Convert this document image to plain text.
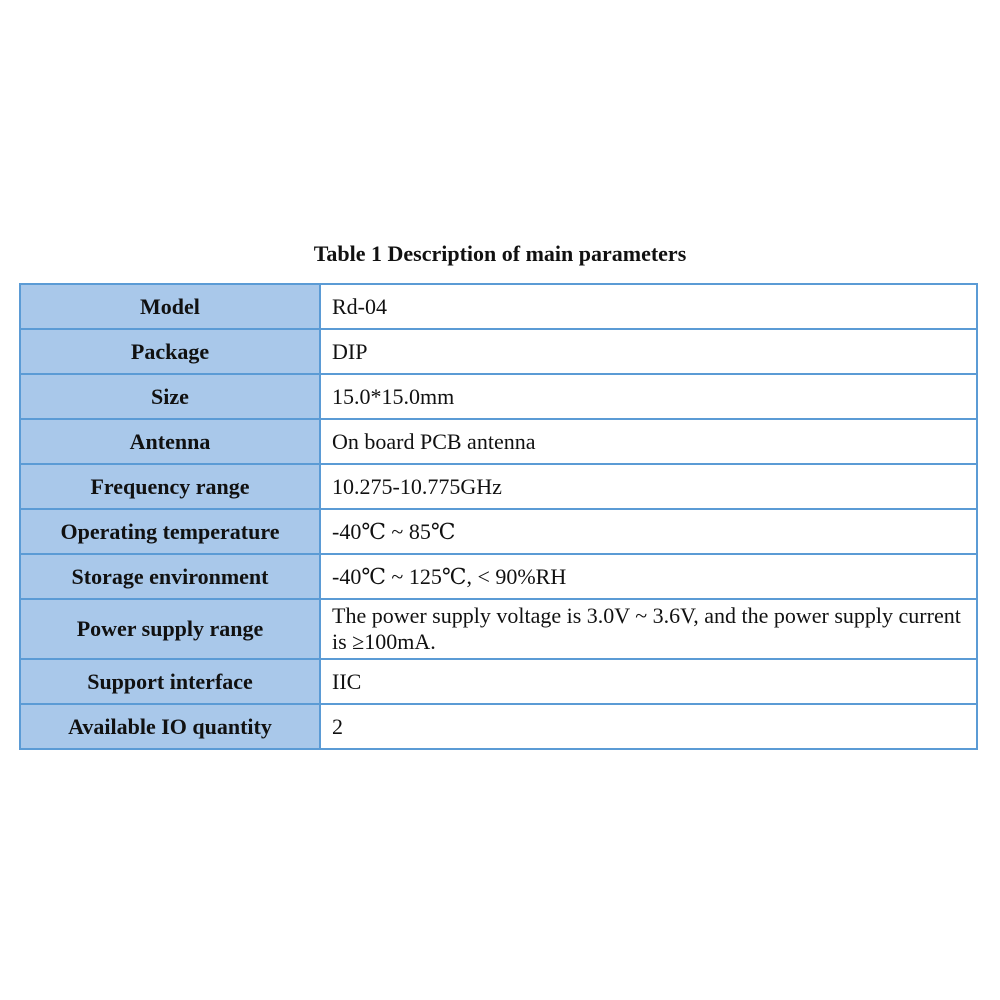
Table 1 Description of main parameters
Model	Rd-04
Package	DIP
Size	15.0*15.0mm
Antenna	On board PCB antenna
Frequency range	10.275-10.775GHz
Operating temperature	-40℃ ~ 85℃
Storage environment	-40℃ ~ 125℃, < 90%RH
Power supply range	The power supply voltage is 3.0V ~ 3.6V, and the power supply current is ≥100mA.
Support interface	IIC
Available IO quantity	2
